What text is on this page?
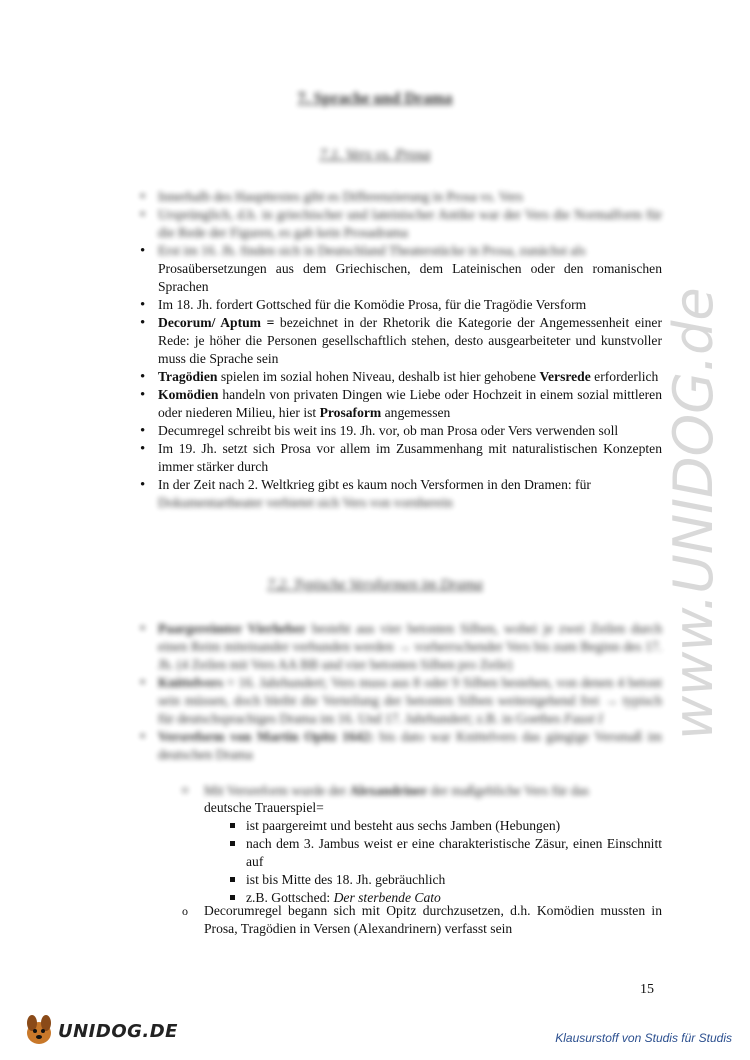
www.UNIDOG.de
7. Sprache und Drama
7.1. Vers vs. Prosa
• Innerhalb des Haupttextes gibt es Differenzierung in Prosa vs. Vers
• Ursprünglich, d.h. in griechischer und lateinischer Antike war der Vers die Normalform für die Rede der Figuren, es gab kein Prosadrama
• Erst im 16. Jh. finden sich in Deutschland Theaterstücke in Prosa, zunächst als
Prosaübersetzungen aus dem Griechischen, dem Lateinischen oder den romanischen Sprachen
• Im 18. Jh. fordert Gottsched für die Komödie Prosa, für die Tragödie Versform
• Decorum/ Aptum = bezeichnet in der Rhetorik die Kategorie der Angemessenheit einer Rede: je höher die Personen gesellschaftlich stehen, desto ausgearbeiteter und kunstvoller muss die Sprache sein
• Tragödien spielen im sozial hohen Niveau, deshalb ist hier gehobene Versrede erforderlich
• Komödien handeln von privaten Dingen wie Liebe oder Hochzeit in einem sozial mittleren oder niederen Milieu, hier ist Prosaform angemessen
• Decumregel schreibt bis weit ins 19. Jh. vor, ob man Prosa oder Vers verwenden soll
• Im 19. Jh. setzt sich Prosa vor allem im Zusammenhang mit naturalistischen Konzepten immer stärker durch
• In der Zeit nach 2. Weltkrieg gibt es kaum noch Versformen in den Dramen: für
Dokumentartheater verbietet sich Vers von vornherein
7.2. Typische Versformen im Drama
• Paargereimter Vierheber besteht aus vier betonten Silben, wobei je zwei Zeilen durch einen Reim miteinander verbunden werden → vorherrschender Vers bis zum Beginn des 17. Jh. (4 Zeilen mit Vers AA BB und vier betonten Silben pro Zeile)
• Knittelvers = 16. Jahrhundert; Vers muss aus 8 oder 9 Silben bestehen, von denen 4 betont sein müssen, doch bleibt die Verteilung der betonten Silben weitestgehend frei → typisch für deutschsprachiges Drama im 16. Und 17. Jahrhundert; z.B. in Goethes Faust I
• Versreform von Martin Opitz 1642: bis dato war Knittelvers das gängige Versmaß im deutschen Drama
o Mit Versreform wurde der Alexandriner der maßgebliche Vers für das
deutsche Trauerspiel=
ist paargereimt und besteht aus sechs Jamben (Hebungen)
nach dem 3. Jambus weist er eine charakteristische Zäsur, einen Einschnitt auf
ist bis Mitte des 18. Jh. gebräuchlich
z.B. Gottsched: Der sterbende Cato
o Decorumregel begann sich mit Opitz durchzusetzen, d.h. Komödien mussten in Prosa, Tragödien in Versen (Alexandrinern) verfasst sein
15
UNIDOG.DE	Klausurstoff von Studis für Studis
